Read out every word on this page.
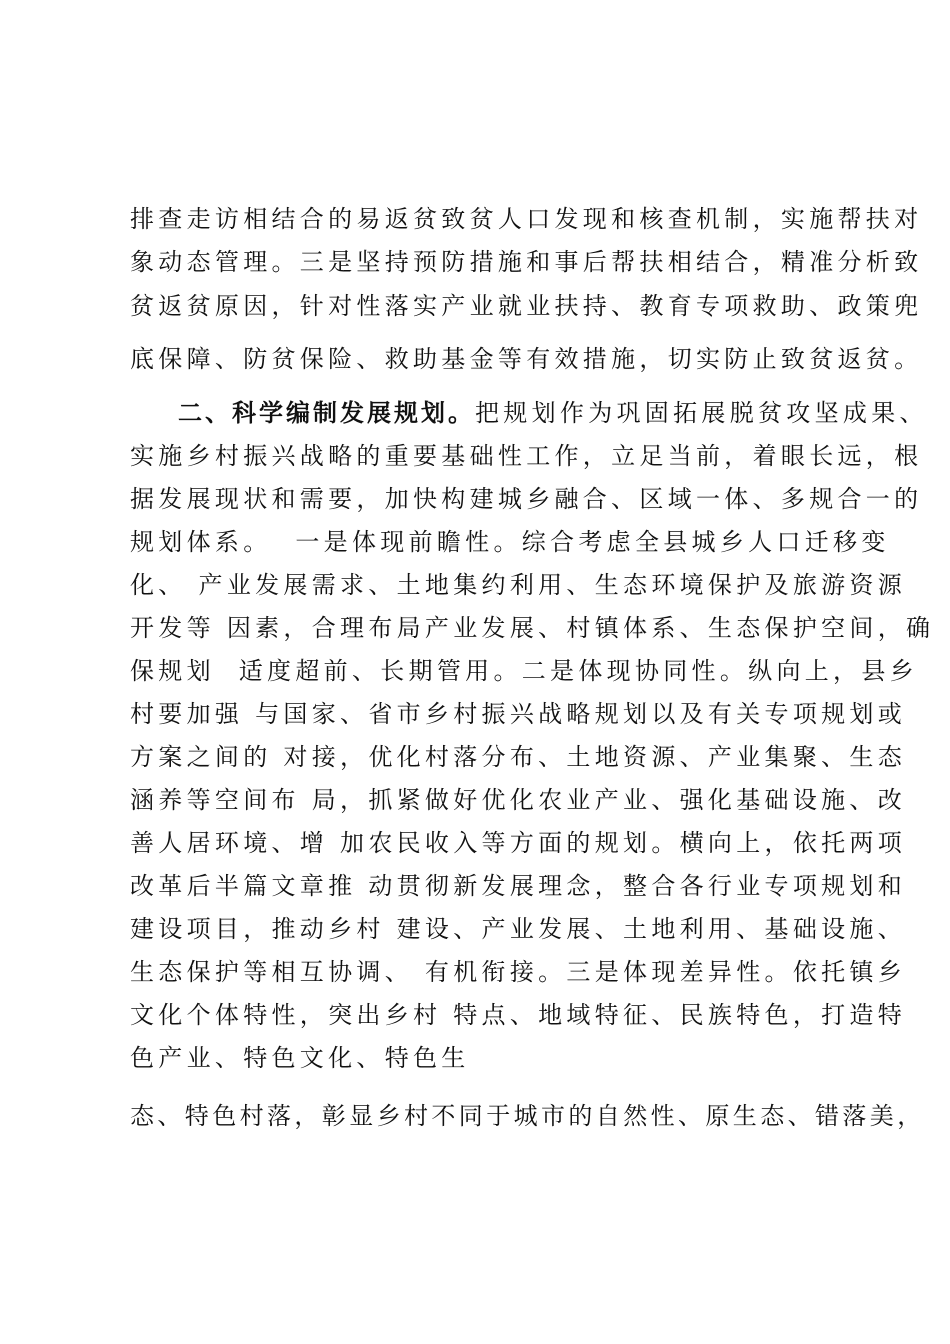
排查走访相结合的易返贫致贫人口发现和核查机制，实施帮扶对
象动态管理。三是坚持预防措施和事后帮扶相结合，精准分析致
贫返贫原因，针对性落实产业就业扶持、教育专项救助、政策兜
底保障、防贫保险、救助基金等有效措施，切实防止致贫返贫。
二、科学编制发展规划。把规划作为巩固拓展脱贫攻坚成果、
实施乡村振兴战略的重要基础性工作，立足当前，着眼长远，根
据发展现状和需要，加快构建城乡融合、区域一体、多规合一的
规划体系。  一是体现前瞻性。综合考虑全县城乡人口迁移变
化、 产业发展需求、土地集约利用、生态环境保护及旅游资源
开发等 因素，合理布局产业发展、村镇体系、生态保护空间，确
保规划  适度超前、长期管用。二是体现协同性。纵向上，县乡
村要加强 与国家、省市乡村振兴战略规划以及有关专项规划或
方案之间的 对接，优化村落分布、土地资源、产业集聚、生态
涵养等空间布 局，抓紧做好优化农业产业、强化基础设施、改
善人居环境、增 加农民收入等方面的规划。横向上，依托两项
改革后半篇文章推 动贯彻新发展理念，整合各行业专项规划和
建设项目，推动乡村 建设、产业发展、土地利用、基础设施、
生态保护等相互协调、 有机衔接。三是体现差异性。依托镇乡
文化个体特性，突出乡村 特点、地域特征、民族特色，打造特
色产业、特色文化、特色生
态、特色村落，彰显乡村不同于城市的自然性、原生态、错落美，
